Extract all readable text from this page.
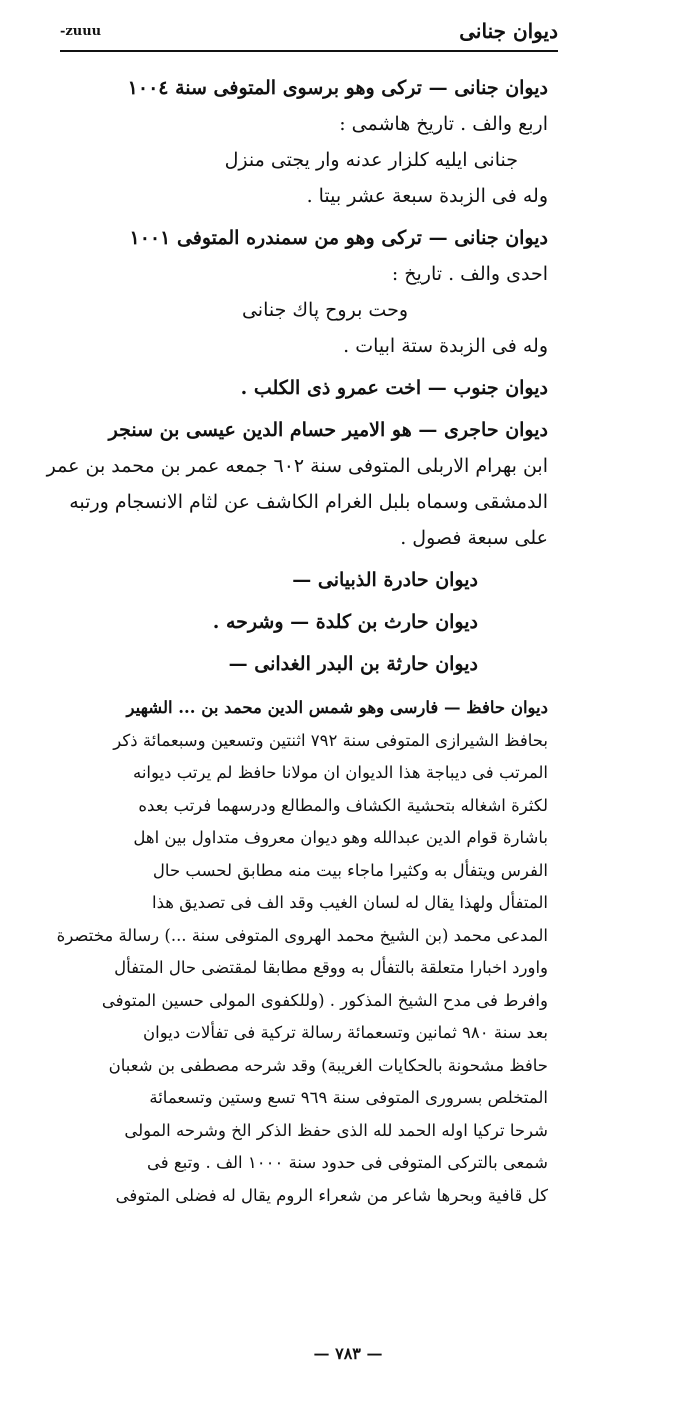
-zuuu	ديوان جنانى
ديوان جنانى — تركى وهو برسوى المتوفى سنة ١٠٠٤
اربع والف . تاريخ هاشمى :
جنانى ايليه كلزار عدنه وار يجتى منزل
وله فى الزبدة سبعة عشر بيتا .
ديوان جنانى — تركى وهو من سمندره المتوفى ١٠٠١
احدى والف . تاريخ :
وحت بروح پاك جنانى
وله فى الزبدة ستة ابيات .
ديوان جنوب — اخت عمرو ذى الكلب .
ديوان حاجرى — هو الامير حسام الدين عيسى بن سنجر
ابن بهرام الاربلى المتوفى سنة ٦٠٢ جمعه عمر بن محمد بن عمر
الدمشقى وسماه بلبل الغرام الكاشف عن لثام الانسجام ورتبه
على سبعة فصول .
ديوان حادرة الذبيانى —
ديوان حارث بن كلدة — وشرحه .
ديوان حارثة بن البدر الغدانى —
ديوان حافظ — فارسى وهو شمس الدين محمد بن ... الشهير
بحافظ الشيرازى المتوفى سنة ٧٩٢ اثنتين وتسعين وسبعمائة ذكر
المرتب فى ديباجة هذا الديوان ان مولانا حافظ لم يرتب ديوانه
لكثرة اشغاله بتحشية الكشاف والمطالع ودرسهما فرتب بعده
باشارة قوام الدين عبدالله وهو ديوان معروف متداول بين اهل
الفرس ويتفأل به وكثيرا ماجاء بيت منه مطابق لحسب حال
المتفأل ولهذا يقال له لسان الغيب وقد الف فى تصديق هذا
المدعى محمد (بن الشيخ محمد الهروى المتوفى سنة ...) رسالة مختصرة
واورد اخبارا متعلقة بالتفأل به ووقع مطابقا لمقتضى حال المتفأل
وافرط فى مدح الشيخ المذكور . (وللكفوى المولى حسين المتوفى
بعد سنة ٩٨٠ ثمانين وتسعمائة رسالة تركية فى تفألات ديوان
حافظ مشحونة بالحكايات الغريبة) وقد شرحه مصطفى بن شعبان
المتخلص بسرورى المتوفى سنة ٩٦٩ تسع وستين وتسعمائة
شرحا تركيا اوله الحمد لله الذى حفظ الذكر الخ وشرحه المولى
شمعى بالتركى المتوفى فى حدود سنة ١٠٠٠ الف . وتبع فى
كل قافية وبحرها شاعر من شعراء الروم يقال له فضلى المتوفى
— ٧٨٣ —
